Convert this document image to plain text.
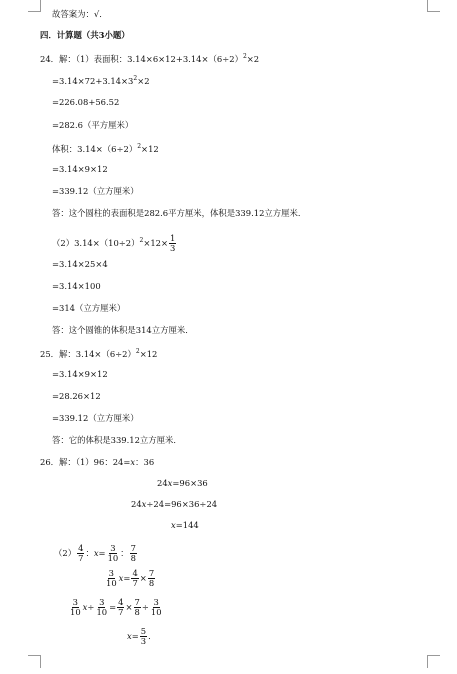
故答案为：√．
四．计算题（共3小题）
24．解：（1）表面积：$3.14\times 6\times 12+3.14\times(6\div 2)^2\times 2$
$=3.14\times 72+3.14\times 3^2\times 2$
=226.08+56.52
=282.6（平方厘米）
体积：$3.14\times(6\div 2)^2\times 12$
=3.14×9×12
=339.12（立方厘米）
答：这个圆柱的表面积是282.6平方厘米，体积是339.12立方厘米．
$(2)3.14\times(10\div 2)^2\times 12\times \frac{1}{3}$
=3.14×25×4
=3.14×100
=314（立方厘米）
答：这个圆锥的体积是314立方厘米．
25．解：$3.14\times(6\div 2)^2\times 12$
=3.14×9×12
=28.26×12
=339.12（立方厘米）
答：它的体积是339.12立方厘米．
26．解：（1）96：24=x：36
24x=96×36
24x÷24=96×36÷24
x=144
$(2) \frac{4}{7}$ ：$x= \frac{3}{10}$ ： $\frac{7}{8}$
$\frac{3}{10} x= \frac{4}{7} \times \frac{7}{8}$
$\frac{3}{10} x\div \frac{3}{10} = \frac{4}{7} \times \frac{7}{8} \div \frac{3}{10}$
$x= \frac{5}{3}$ ．
